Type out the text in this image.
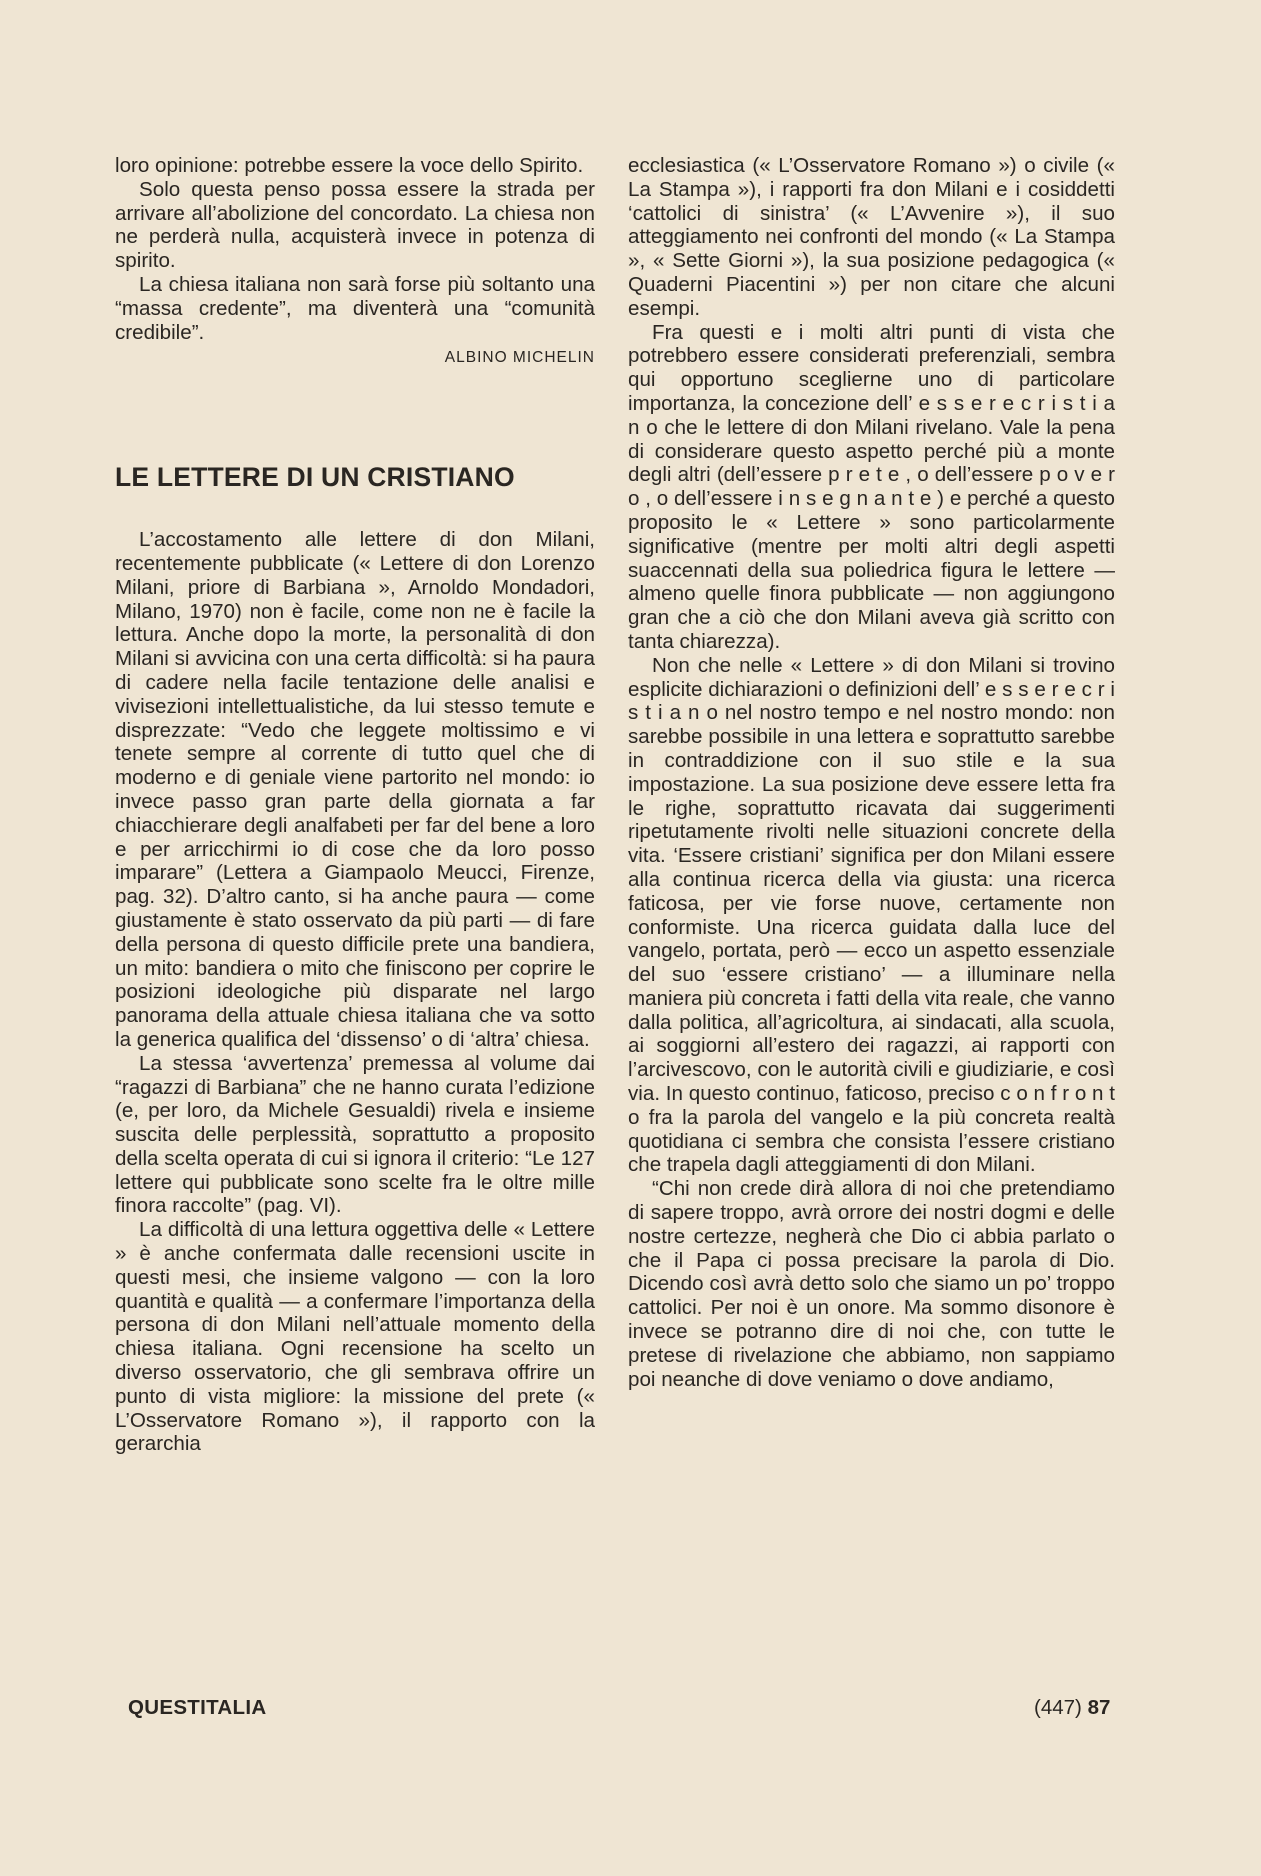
loro opinione: potrebbe essere la voce dello Spirito.

Solo questa penso possa essere la strada per arrivare all’abolizione del concordato. La chiesa non ne perderà nulla, acquisterà invece in potenza di spirito.

La chiesa italiana non sarà forse più soltanto una “massa credente”, ma diventerà una “comunità credibile”.

ALBINO MICHELIN
LE LETTERE DI UN CRISTIANO

L’accostamento alle lettere di don Milani, recentemente pubblicate (« Lettere di don Lorenzo Milani, priore di Barbiana », Arnoldo Mondadori, Milano, 1970) non è facile, come non ne è facile la lettura. Anche dopo la morte, la personalità di don Milani si avvicina con una certa difficoltà: si ha paura di cadere nella facile tentazione delle analisi e vivisezioni intellettualistiche, da lui stesso temute e disprezzate: “Vedo che leggete moltissimo e vi tenete sempre al corrente di tutto quel che di moderno e di geniale viene partorito nel mondo: io invece passo gran parte della giornata a far chiacchierare degli analfabeti per far del bene a loro e per arricchirmi io di cose che da loro posso imparare” (Lettera a Giampaolo Meucci, Firenze, pag. 32). D’altro canto, si ha anche paura — come giustamente è stato osservato da più parti — di fare della persona di questo difficile prete una bandiera, un mito: bandiera o mito che finiscono per coprire le posizioni ideologiche più disparate nel largo panorama della attuale chiesa italiana che va sotto la generica qualifica del ‘dissenso’ o di ‘altra’ chiesa.

La stessa ‘avvertenza’ premessa al volume dai “ragazzi di Barbiana” che ne hanno curata l’edizione (e, per loro, da Michele Gesualdi) rivela e insieme suscita delle perplessità, soprattutto a proposito della scelta operata di cui si ignora il criterio: “Le 127 lettere qui pubblicate sono scelte fra le oltre mille finora raccolte” (pag. VI).

La difficoltà di una lettura oggettiva delle « Lettere » è anche confermata dalle recensioni uscite in questi mesi, che insieme valgono — con la loro quantità e qualità — a confermare l’importanza della persona di don Milani nell’attuale momento della chiesa italiana. Ogni recensione ha scelto un diverso osservatorio, che gli sembrava offrire un punto di vista migliore: la missione del prete (« L’Osservatore Romano »), il rapporto con la gerarchia

ecclesiastica (« L’Osservatore Romano ») o civile (« La Stampa »), i rapporti fra don Milani e i cosiddetti ‘cattolici di sinistra’ (« L’Avvenire »), il suo atteggiamento nei confronti del mondo (« La Stampa », « Sette Giorni »), la sua posizione pedagogica (« Quaderni Piacentini ») per non citare che alcuni esempi.

Fra questi e i molti altri punti di vista che potrebbero essere considerati preferenziali, sembra qui opportuno sceglierne uno di particolare importanza, la concezione dell’ e s s e r e c r i s t i a n o che le lettere di don Milani rivelano. Vale la pena di considerare questo aspetto perché più a monte degli altri (dell’essere p r e t e , o dell’essere p o v e r o , o dell’essere i n s e g n a n t e ) e perché a questo proposito le « Lettere » sono particolarmente significative (mentre per molti altri degli aspetti suaccennati della sua poliedrica figura le lettere — almeno quelle finora pubblicate — non aggiungono gran che a ciò che don Milani aveva già scritto con tanta chiarezza).

Non che nelle « Lettere » di don Milani si trovino esplicite dichiarazioni o definizioni dell’ e s s e r e c r i s t i a n o nel nostro tempo e nel nostro mondo: non sarebbe possibile in una lettera e soprattutto sarebbe in contraddizione con il suo stile e la sua impostazione. La sua posizione deve essere letta fra le righe, soprattutto ricavata dai suggerimenti ripetutamente rivolti nelle situazioni concrete della vita. ‘Essere cristiani’ significa per don Milani essere alla continua ricerca della via giusta: una ricerca faticosa, per vie forse nuove, certamente non conformiste. Una ricerca guidata dalla luce del vangelo, portata, però — ecco un aspetto essenziale del suo ‘essere cristiano’ — a illuminare nella maniera più concreta i fatti della vita reale, che vanno dalla politica, all’agricoltura, ai sindacati, alla scuola, ai soggiorni all’estero dei ragazzi, ai rapporti con l’arcivescovo, con le autorità civili e giudiziarie, e così via. In questo continuo, faticoso, preciso c o n f r o n t o fra la parola del vangelo e la più concreta realtà quotidiana ci sembra che consista l’essere cristiano che trapela dagli atteggiamenti di don Milani.

“Chi non crede dirà allora di noi che pretendiamo di sapere troppo, avrà orrore dei nostri dogmi e delle nostre certezze, negherà che Dio ci abbia parlato o che il Papa ci possa precisare la parola di Dio. Dicendo così avrà detto solo che siamo un po’ troppo cattolici. Per noi è un onore. Ma sommo disonore è invece se potranno dire di noi che, con tutte le pretese di rivelazione che abbiamo, non sappiamo poi neanche di dove veniamo o dove andiamo,

QUESTITALIA	(447) 87
